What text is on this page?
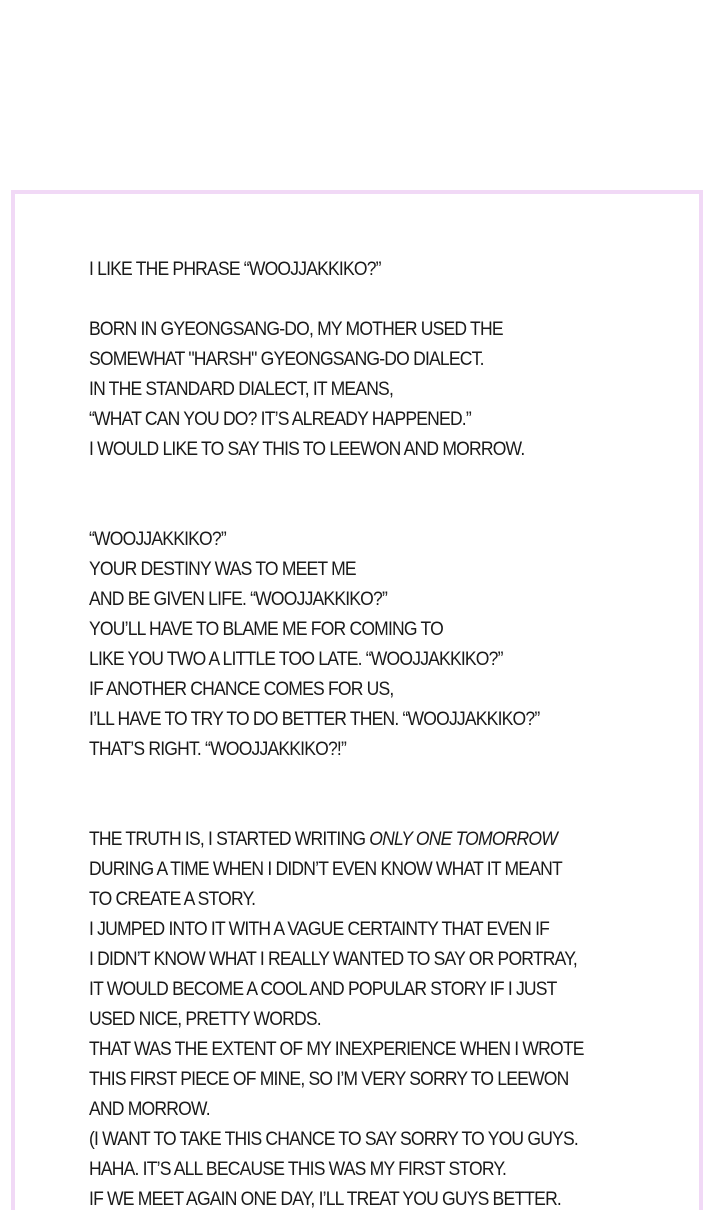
I LIKE THE PHRASE “WOOJJAKKIKO?”
BORN IN GYEONGSANG-DO, MY MOTHER USED THE
SOMEWHAT "HARSH" GYEONGSANG-DO DIALECT.
IN THE STANDARD DIALECT, IT MEANS,
“WHAT CAN YOU DO? IT’S ALREADY HAPPENED.”
I WOULD LIKE TO SAY THIS TO LEEWON AND MORROW.
“WOOJJAKKIKO?”
YOUR DESTINY WAS TO MEET ME
AND BE GIVEN LIFE. “WOOJJAKKIKO?”
YOU’LL HAVE TO BLAME ME FOR COMING TO
LIKE YOU TWO A LITTLE TOO LATE. “WOOJJAKKIKO?”
IF ANOTHER CHANCE COMES FOR US,
I’LL HAVE TO TRY TO DO BETTER THEN. “WOOJJAKKIKO?”
THAT’S RIGHT. “WOOJJAKKIKO?!”
THE TRUTH IS, I STARTED WRITING ONLY ONE TOMORROW
DURING A TIME WHEN I DIDN’T EVEN KNOW WHAT IT MEANT
TO CREATE A STORY.
I JUMPED INTO IT WITH A VAGUE CERTAINTY THAT EVEN IF
I DIDN’T KNOW WHAT I REALLY WANTED TO SAY OR PORTRAY,
IT WOULD BECOME A COOL AND POPULAR STORY IF I JUST
USED NICE, PRETTY WORDS.
THAT WAS THE EXTENT OF MY INEXPERIENCE WHEN I WROTE
THIS FIRST PIECE OF MINE, SO I’M VERY SORRY TO LEEWON
AND MORROW.
(I WANT TO TAKE THIS CHANCE TO SAY SORRY TO YOU GUYS.
HAHA. IT’S ALL BECAUSE THIS WAS MY FIRST STORY.
IF WE MEET AGAIN ONE DAY, I’LL TREAT YOU GUYS BETTER.
